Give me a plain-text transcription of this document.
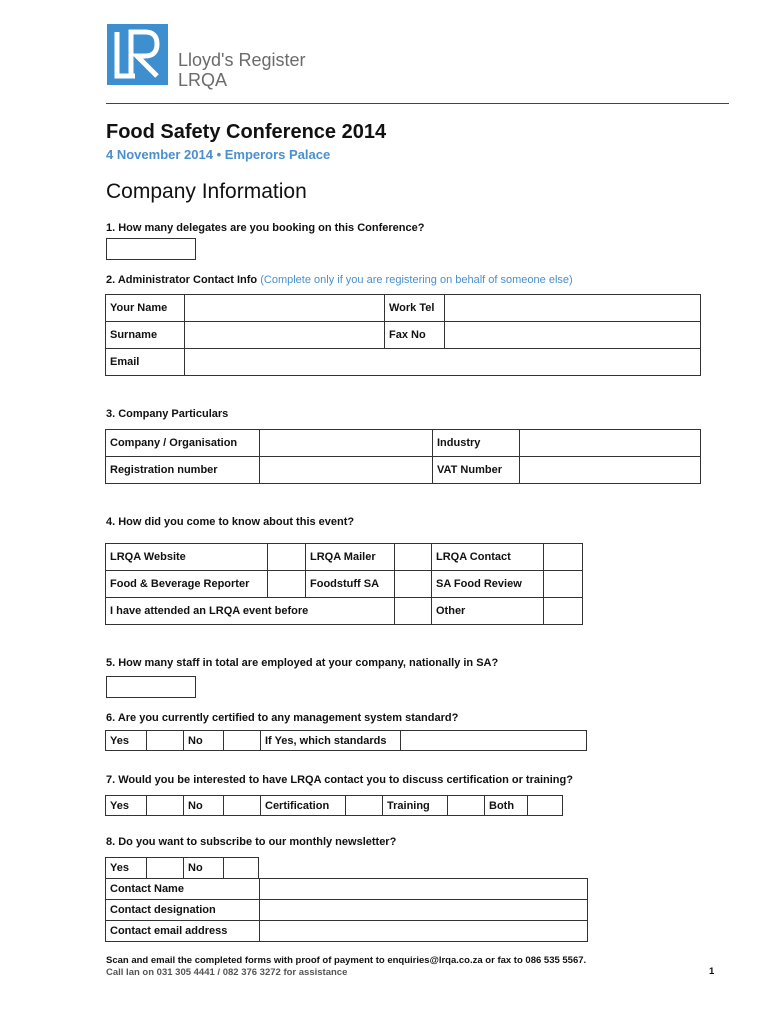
Lloyd's Register
LRQA
Food Safety Conference 2014
4 November 2014 • Emperors Palace
Company Information
1. How many delegates are you booking on this Conference?
2. Administrator Contact Info (Complete only if you are registering on behalf of someone else)
Your Name		Work Tel	
Surname		Fax No	
Email			
3. Company Particulars
Company / Organisation		Industry	
Registration number		VAT Number	
4. How did you come to know about this event?
LRQA Website		LRQA Mailer		LRQA Contact	
Food & Beverage Reporter		Foodstuff SA		SA Food Review	
I have attended an LRQA event before				Other	
5. How many staff in total are employed at your company, nationally in SA?
6. Are you currently certified to any management system standard?
Yes		No		If Yes, which standards	
7. Would you be interested to have LRQA contact you to discuss certification or training?
Yes		No		Certification		Training		Both	
8. Do you want to subscribe to our monthly newsletter?
Yes		No	
Contact Name	
Contact designation	
Contact email address	
Scan and email the completed forms with proof of payment to enquiries@lrqa.co.za or fax to 086 535 5567.
Call Ian on 031 305 4441 / 082 376 3272 for assistance	1
